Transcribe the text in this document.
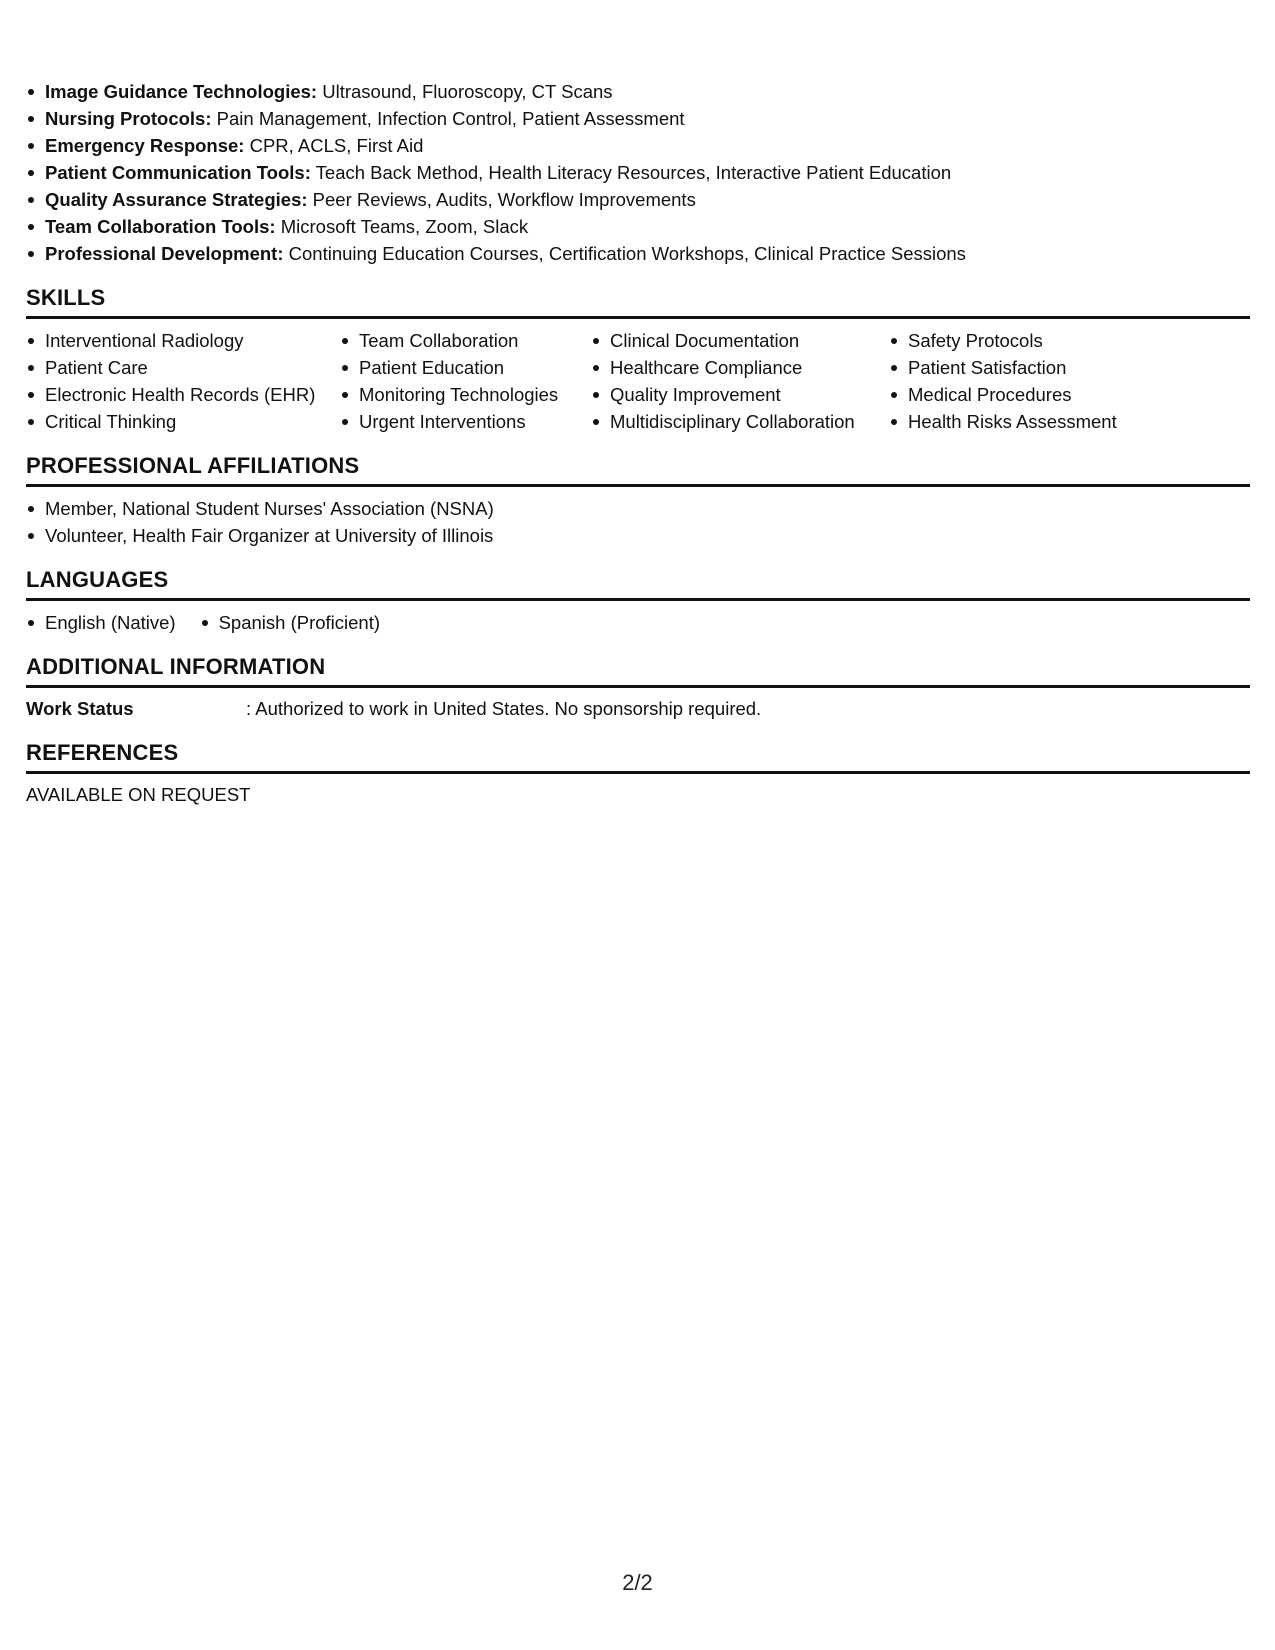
Image Guidance Technologies: Ultrasound, Fluoroscopy, CT Scans
Nursing Protocols: Pain Management, Infection Control, Patient Assessment
Emergency Response: CPR, ACLS, First Aid
Patient Communication Tools: Teach Back Method, Health Literacy Resources, Interactive Patient Education
Quality Assurance Strategies: Peer Reviews, Audits, Workflow Improvements
Team Collaboration Tools: Microsoft Teams, Zoom, Slack
Professional Development: Continuing Education Courses, Certification Workshops, Clinical Practice Sessions
SKILLS
Interventional Radiology
Patient Care
Electronic Health Records (EHR)
Critical Thinking
Team Collaboration
Patient Education
Monitoring Technologies
Urgent Interventions
Clinical Documentation
Healthcare Compliance
Quality Improvement
Multidisciplinary Collaboration
Safety Protocols
Patient Satisfaction
Medical Procedures
Health Risks Assessment
PROFESSIONAL AFFILIATIONS
Member, National Student Nurses' Association (NSNA)
Volunteer, Health Fair Organizer at University of Illinois
LANGUAGES
English (Native)	Spanish (Proficient)
ADDITIONAL INFORMATION
Work Status	: Authorized to work in United States. No sponsorship required.
REFERENCES
AVAILABLE ON REQUEST
2/2
